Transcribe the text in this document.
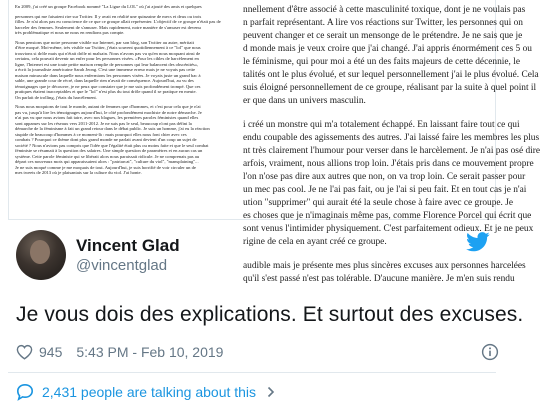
En 2009, j'ai créé un groupe Facebook nommé "La Ligue du LOL" où j'ai ajouté des amis et quelques

personnes qui me faisaient rire sur Twitter. Il y avait en réalité une quinzaine de mecs et deux ou trois

filles. Je n'ai alors pas eu conscience de ce que ce groupe allait représenter. L'objectif de ce groupe n'était pas de

harceler des femmes. Seulement de s'amuser. Mais rapidement, notre manière de s'amuser est devenu

très problématique et nous ne nous en rendions pas compte.

Nous pensions que notre personne visible sur Internet, par son blog, son Twitter au autre, méritait

d'être moqué. Moi-même, très visible sur Twitter, j'étais souvent quotidiennement à ce "lol" que nous

trouvions si drôle mais qui n'était drôle ni malsain. Nous n'avons pas vu qu'en nous moquant ainsi de

certains, cela pouvait devenir un enfer pour les personnes visées. «Pour les cibles de harcèlement en

ligne, l'Internet est une toute petite maison remplie de personnes qui leur balancent des obscénités»,

a écrit la journaliste américaine Sarah Jeong. C'est une immense erreur mais je ne voyais pas cette

maison minuscule dans laquelle nous enfermions les personnes visées. Je voyais juste un grand bac à

sable, une grande cour de récré, dans laquelle rien n'avait de conséquence. Aujourd'hui, au vu des

témoignages que je découvre, je ne peux que constater que je me suis profondément trompé. Que ces

pratiques étaient inacceptables et que le "lol" n'est plus du tout drôle quand il se pratique en meute.

On parlait de trolling, j'étais du harcèlement.

Nous nous moquions de tout le monde, autant de femmes que d'hommes, et c'est pour cela que je n'ai

pas vu, jusqu'à lire les témoignages aujourd'hui, le côté profondément machiste de notre démarche. Je

n'ai pas vu que nous avions fait taire, avec nos blagues, les premières paroles féministes quand elles

sont apparues sur les réseaux vers 2011-2012. Je ne suis pas le seul, beaucoup n'ont pas défini la

démarche de la féminisme à fait un grand retour dans le débat public. Je suis un homme, j'ai eu la réaction

stupide de beaucoup d'hommes à ce moment-là : mais pourquoi elles nous font chier avec ces

combats ? Pourquoi ce thème dont plus grand monde ne parlait avant devient d'un coup un sujet de

société ? Nous n'avions pas compris que l'idée que l'égalité était plus ou moins faite et que le seul combat

féministe se résumait à la question des salaires. Une simple question de paramètres et en aucun cas un

système. Cette parole féministe qui se libérait alors nous paraissait ridicule. Je ne comprenais pas au

départ ces nouveaux mots qui apparaissaient alors : "patriarcat", "culture du viol", "mansplaining"...

Je ne suis moqué comme je me moquais de tout. Aujourd'hui, je suis horrifié de voir circuler un de

mes tweets de 2013 où je plaisantais sur la culture du viol. J'ai honte.

nnellement d'être associé à cette masculinité toxique, dont je ne voulais pas

n parfait représentant. A lire vos réactions sur Twitter, les personnes qui on

peuvent changer et ce serait un mensonge de le prétendre. Je ne sais que je

d monde mais je veux croire que j'ai changé. J'ai appris énormément ces 5 ou

le féminisme, qui pour moi a été un des faits majeurs de cette décennie, le

talités ont le plus évolué, et sur lequel personnellement j'ai le plus évolué. Cela

suis éloigné personnellement de ce groupe, réalisant par la suite à quel point il

er que dans un univers masculin.

i créé un monstre qui m'a totalement échappé. En laissant faire tout ce qui

endu coupable des agissements des autres. J'ai laissé faire les membres les plus

nt très clairement l'humour pour verser dans le harcèlement. Je n'ai pas osé dire

arfois, vraiment, nous allions trop loin. J'étais pris dans ce mouvement propre

l'on n'ose pas dire aux autres que non, on va trop loin. Ce serait passer pour

un mec pas cool. Je ne l'ai pas fait, ou je l'ai si peu fait. Et en tout cas je n'ai

ution "supprimer" qui aurait été la seule chose à faire avec ce groupe. Je

es choses que je n'imaginais même pas, comme Florence Porcel qui écrit que

sont venus l'intimider physiquement. C'est parfaitement odieux. Et je ne peux

rigine de cela en ayant créé ce groupe.

audible mais je présente mes plus sincères excuses aux personnes harcelées

qu'il s'est passé n'est pas tolérable. D'aucune manière. Je m'en suis rendu

Vincent Glad
@vincentglad
Je vous dois des explications. Et surtout des excuses.
945 5:43 PM - Feb 10, 2019
2,431 people are talking about this
